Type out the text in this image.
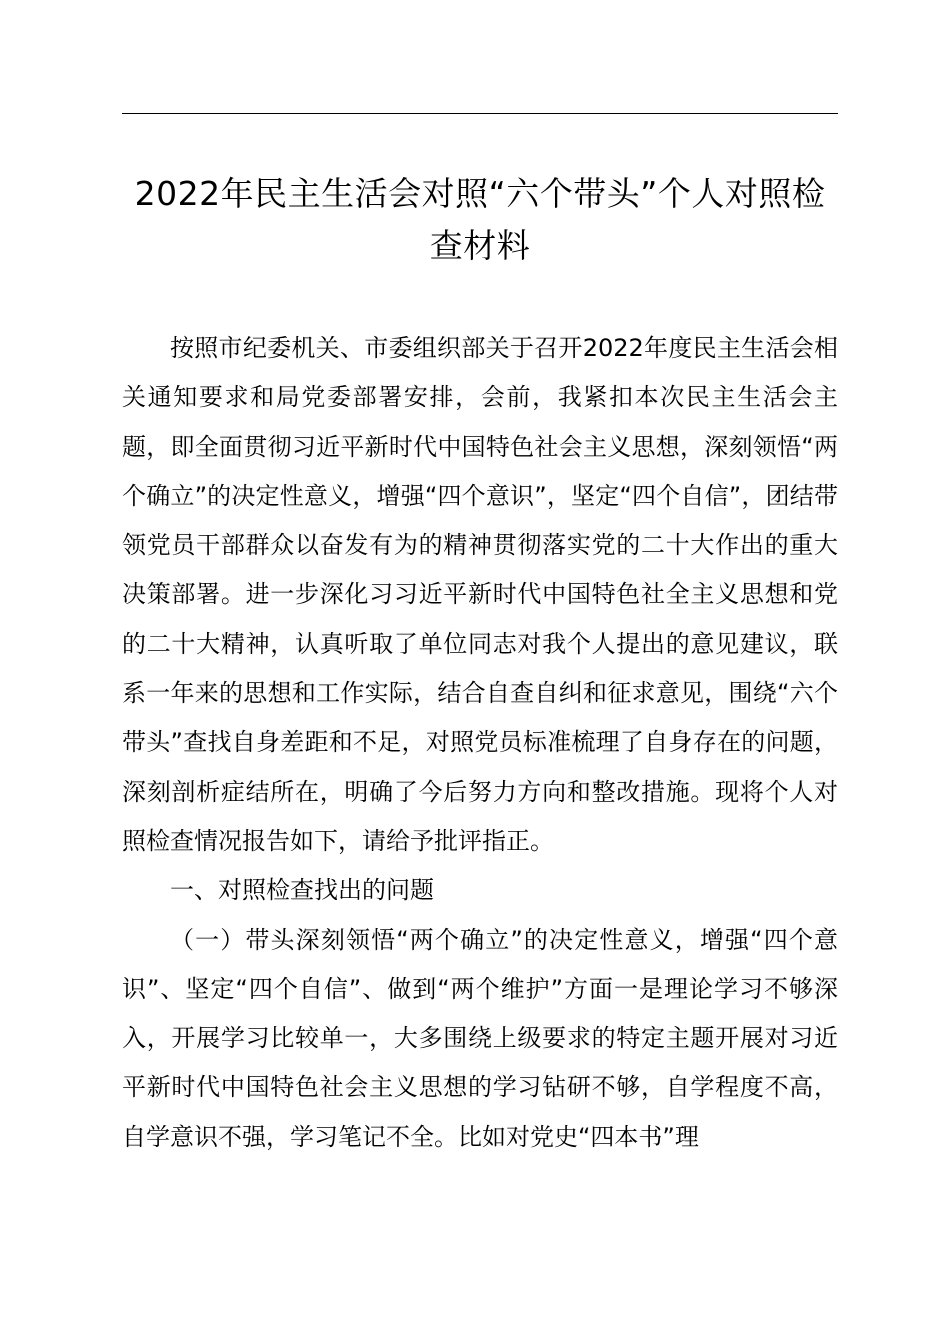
2022年民主生活会对照“六个带头”个人对照检
查材料

按照市纪委机关、市委组织部关于召开2022年度民主生活会相关通知要求和局党委部署安排，会前，我紧扣本次民主生活会主题，即全面贯彻习近平新时代中国特色社会主义思想，深刻领悟“两个确立”的决定性意义，增强“四个意识”，坚定“四个自信”，团结带领党员干部群众以奋发有为的精神贯彻落实党的二十大作出的重大决策部署。进一步深化习习近平新时代中国特色社全主义思想和党的二十大精神，认真听取了单位同志对我个人提出的意见建议，联系一年来的思想和工作实际，结合自查自纠和征求意见，围绕“六个带头”查找自身差距和不足，对照党员标准梳理了自身存在的问题，深刻剖析症结所在，明确了今后努力方向和整改措施。现将个人对照检查情况报告如下，请给予批评指正。

一、对照检查找出的问题

（一）带头深刻领悟“两个确立”的决定性意义，增强“四个意识”、坚定“四个自信”、做到“两个维护”方面一是理论学习不够深入，开展学习比较单一，大多围绕上级要求的特定主题开展对习近平新时代中国特色社会主义思想的学习钻研不够，自学程度不高，自学意识不强，学习笔记不全。比如对党史“四本书”理
